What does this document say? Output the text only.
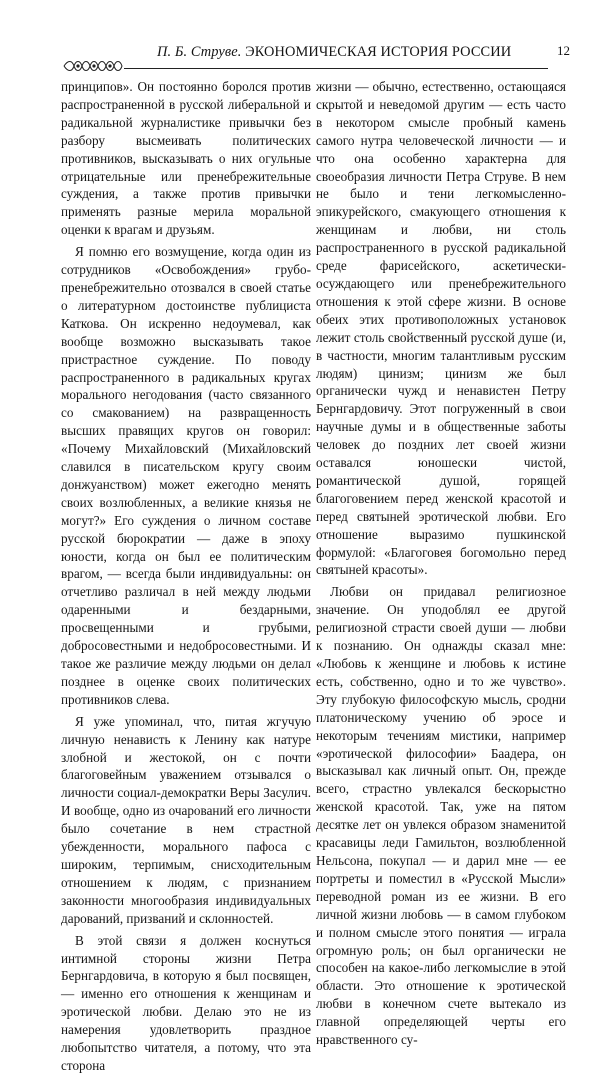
П. Б. Струве. ЭКОНОМИЧЕСКАЯ ИСТОРИЯ РОССИИ	12

принципов». Он постоянно боролся против распространенной в русской либеральной и радикальной журналистике привычки без разбору высмеивать политических противников, высказывать о них огульные отрицательные или пренебрежительные суждения, а также против привычки применять разные мерила моральной оценки к врагам и друзьям.

Я помню его возмущение, когда один из сотрудников «Освобождения» грубо-пренебрежительно отозвался в своей статье о литературном достоинстве публициста Каткова. Он искренно недоумевал, как вообще возможно высказывать такое пристрастное суждение. По поводу распространенного в радикальных кругах морального негодования (часто связанного со смакованием) на развращенность высших правящих кругов он говорил: «Почему Михайловский (Михайловский славился в писательском кругу своим донжуанством) может ежегодно менять своих возлюбленных, а великие князья не могут?» Его суждения о личном составе русской бюрократии — даже в эпоху юности, когда он был ее политическим врагом, — всегда были индивидуальны: он отчетливо различал в ней между людьми одаренными и бездарными, просвещенными и грубыми, добросовестными и недобросовестными. И такое же различие между людьми он делал позднее в оценке своих политических противников слева.

Я уже упоминал, что, питая жгучую личную ненависть к Ленину как натуре злобной и жестокой, он с почти благоговейным уважением отзывался о личности социал-демократки Веры Засулич. И вообще, одно из очарований его личности было сочетание в нем страстной убежденности, морального пафоса с широким, терпимым, снисходительным отношением к людям, с признанием законности многообразия индивидуальных дарований, призваний и склонностей.

В этой связи я должен коснуться интимной стороны жизни Петра Бернгардовича, в которую я был посвящен, — именно его отношения к женщинам и эротической любви. Делаю это не из намерения удовлетворить праздное любопытство читателя, а потому, что эта сторона

жизни — обычно, естественно, остающаяся скрытой и неведомой другим — есть часто в некотором смысле пробный камень самого нутра человеческой личности — и что она особенно характерна для своеобразия личности Петра Струве. В нем не было и тени легкомысленно-эпикурейского, смакующего отношения к женщинам и любви, ни столь распространенного в русской радикальной среде фарисейского, аскетически-осуждающего или пренебрежительного отношения к этой сфере жизни. В основе обеих этих противоположных установок лежит столь свойственный русской душе (и, в частности, многим талантливым русским людям) цинизм; цинизм же был органически чужд и ненавистен Петру Бернгардовичу. Этот погруженный в свои научные думы и в общественные заботы человек до поздних лет своей жизни оставался юношески чистой, романтической душой, горящей благоговением перед женской красотой и перед святыней эротической любви. Его отношение выразимо пушкинской формулой: «Благоговея богомольно перед святыней красоты».

Любви он придавал религиозное значение. Он уподоблял ее другой религиозной страсти своей души — любви к познанию. Он однажды сказал мне: «Любовь к женщине и любовь к истине есть, собственно, одно и то же чувство». Эту глубокую философскую мысль, сродни платоническому учению об эросе и некоторым течениям мистики, например «эротической философии» Баадера, он высказывал как личный опыт. Он, прежде всего, страстно увлекался бескорыстно женской красотой. Так, уже на пятом десятке лет он увлекся образом знаменитой красавицы леди Гамильтон, возлюбленной Нельсона, покупал — и дарил мне — ее портреты и поместил в «Русской Мысли» переводной роман из ее жизни. В его личной жизни любовь — в самом глубоком и полном смысле этого понятия — играла огромную роль; он был органически не способен на какое-либо легкомыслие в этой области. Это отношение к эротической любви в конечном счете вытекало из главной определяющей черты его нравственного су-
